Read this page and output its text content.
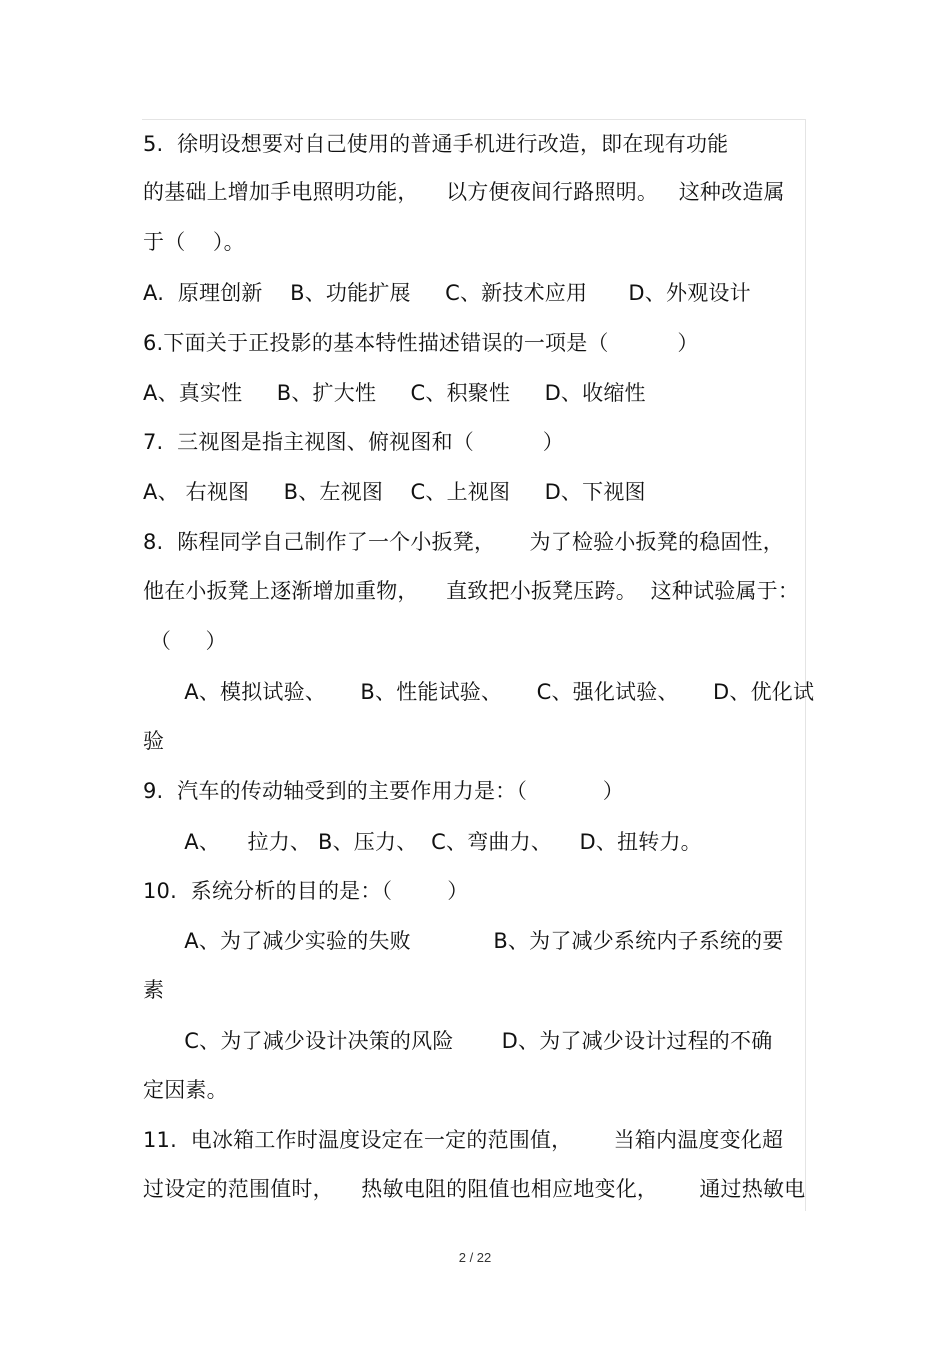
5.  徐明设想要对自己使用的普通手机进行改造，即在现有功能
的基础上增加手电照明功能，    以方便夜间行路照明。   这种改造属
于（    ）。
A.  原理创新    B、功能扩展     C、新技术应用      D、外观设计
6.下面关于正投影的基本特性描述错误的一项是（          ）
A、真实性     B、扩大性     C、积聚性     D、收缩性
7.  三视图是指主视图、俯视图和（          ）
A、 右视图     B、左视图    C、上视图     D、下视图
8.  陈程同学自己制作了一个小扳凳，     为了检验小扳凳的稳固性，
他在小扳凳上逐渐增加重物，    直致把小扳凳压跨。  这种试验属于：
（     ）
A、模拟试验、     B、性能试验、     C、强化试验、     D、优化试
验
9.  汽车的传动轴受到的主要作用力是：（           ）
A、    拉力、 B、压力、  C、弯曲力、    D、扭转力。
10.  系统分析的目的是：（        ）
A、为了减少实验的失败            B、为了减少系统内子系统的要
素
C、为了减少设计决策的风险       D、为了减少设计过程的不确
定因素。
11.  电冰箱工作时温度设定在一定的范围值，      当箱内温度变化超
过设定的范围值时，    热敏电阻的阻值也相应地变化，      通过热敏电
2 / 22
